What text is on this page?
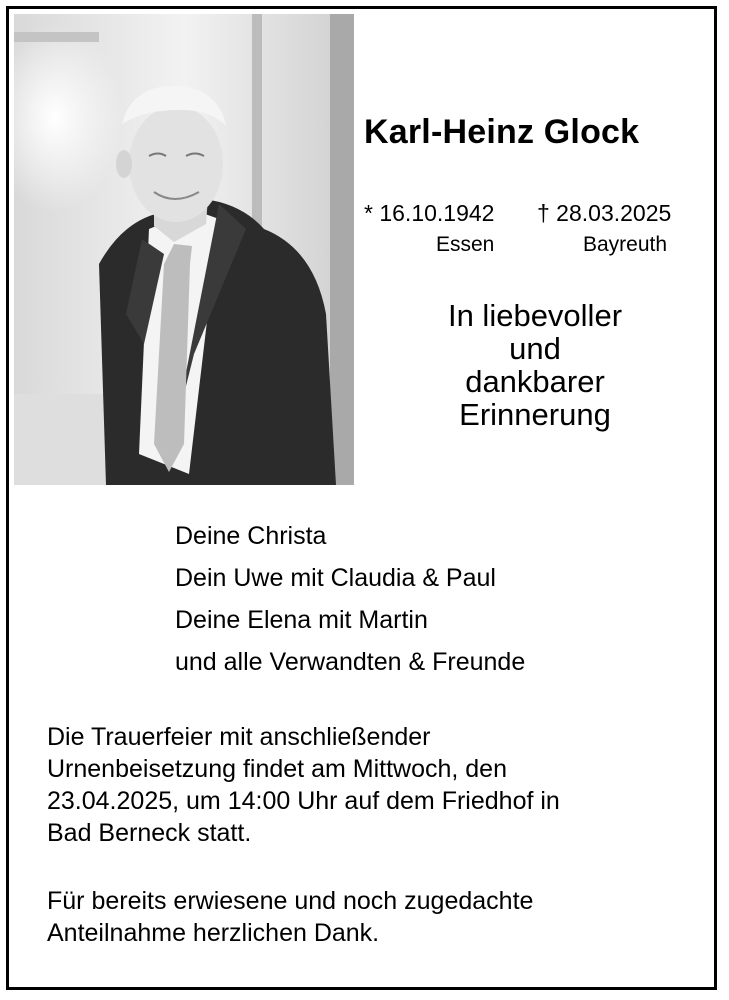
Karl-Heinz Glock
* 16.10.1942 † 28.03.2025
Essen	Bayreuth
In liebevoller
und
dankbarer
Erinnerung
Deine Christa
Dein Uwe mit Claudia & Paul
Deine Elena mit Martin
und alle Verwandten & Freunde
Die Trauerfeier mit anschließender
Urnenbeisetzung findet am Mittwoch, den
23.04.2025, um 14:00 Uhr auf dem Friedhof in
Bad Berneck statt.
Für bereits erwiesene und noch zugedachte
Anteilnahme herzlichen Dank.
